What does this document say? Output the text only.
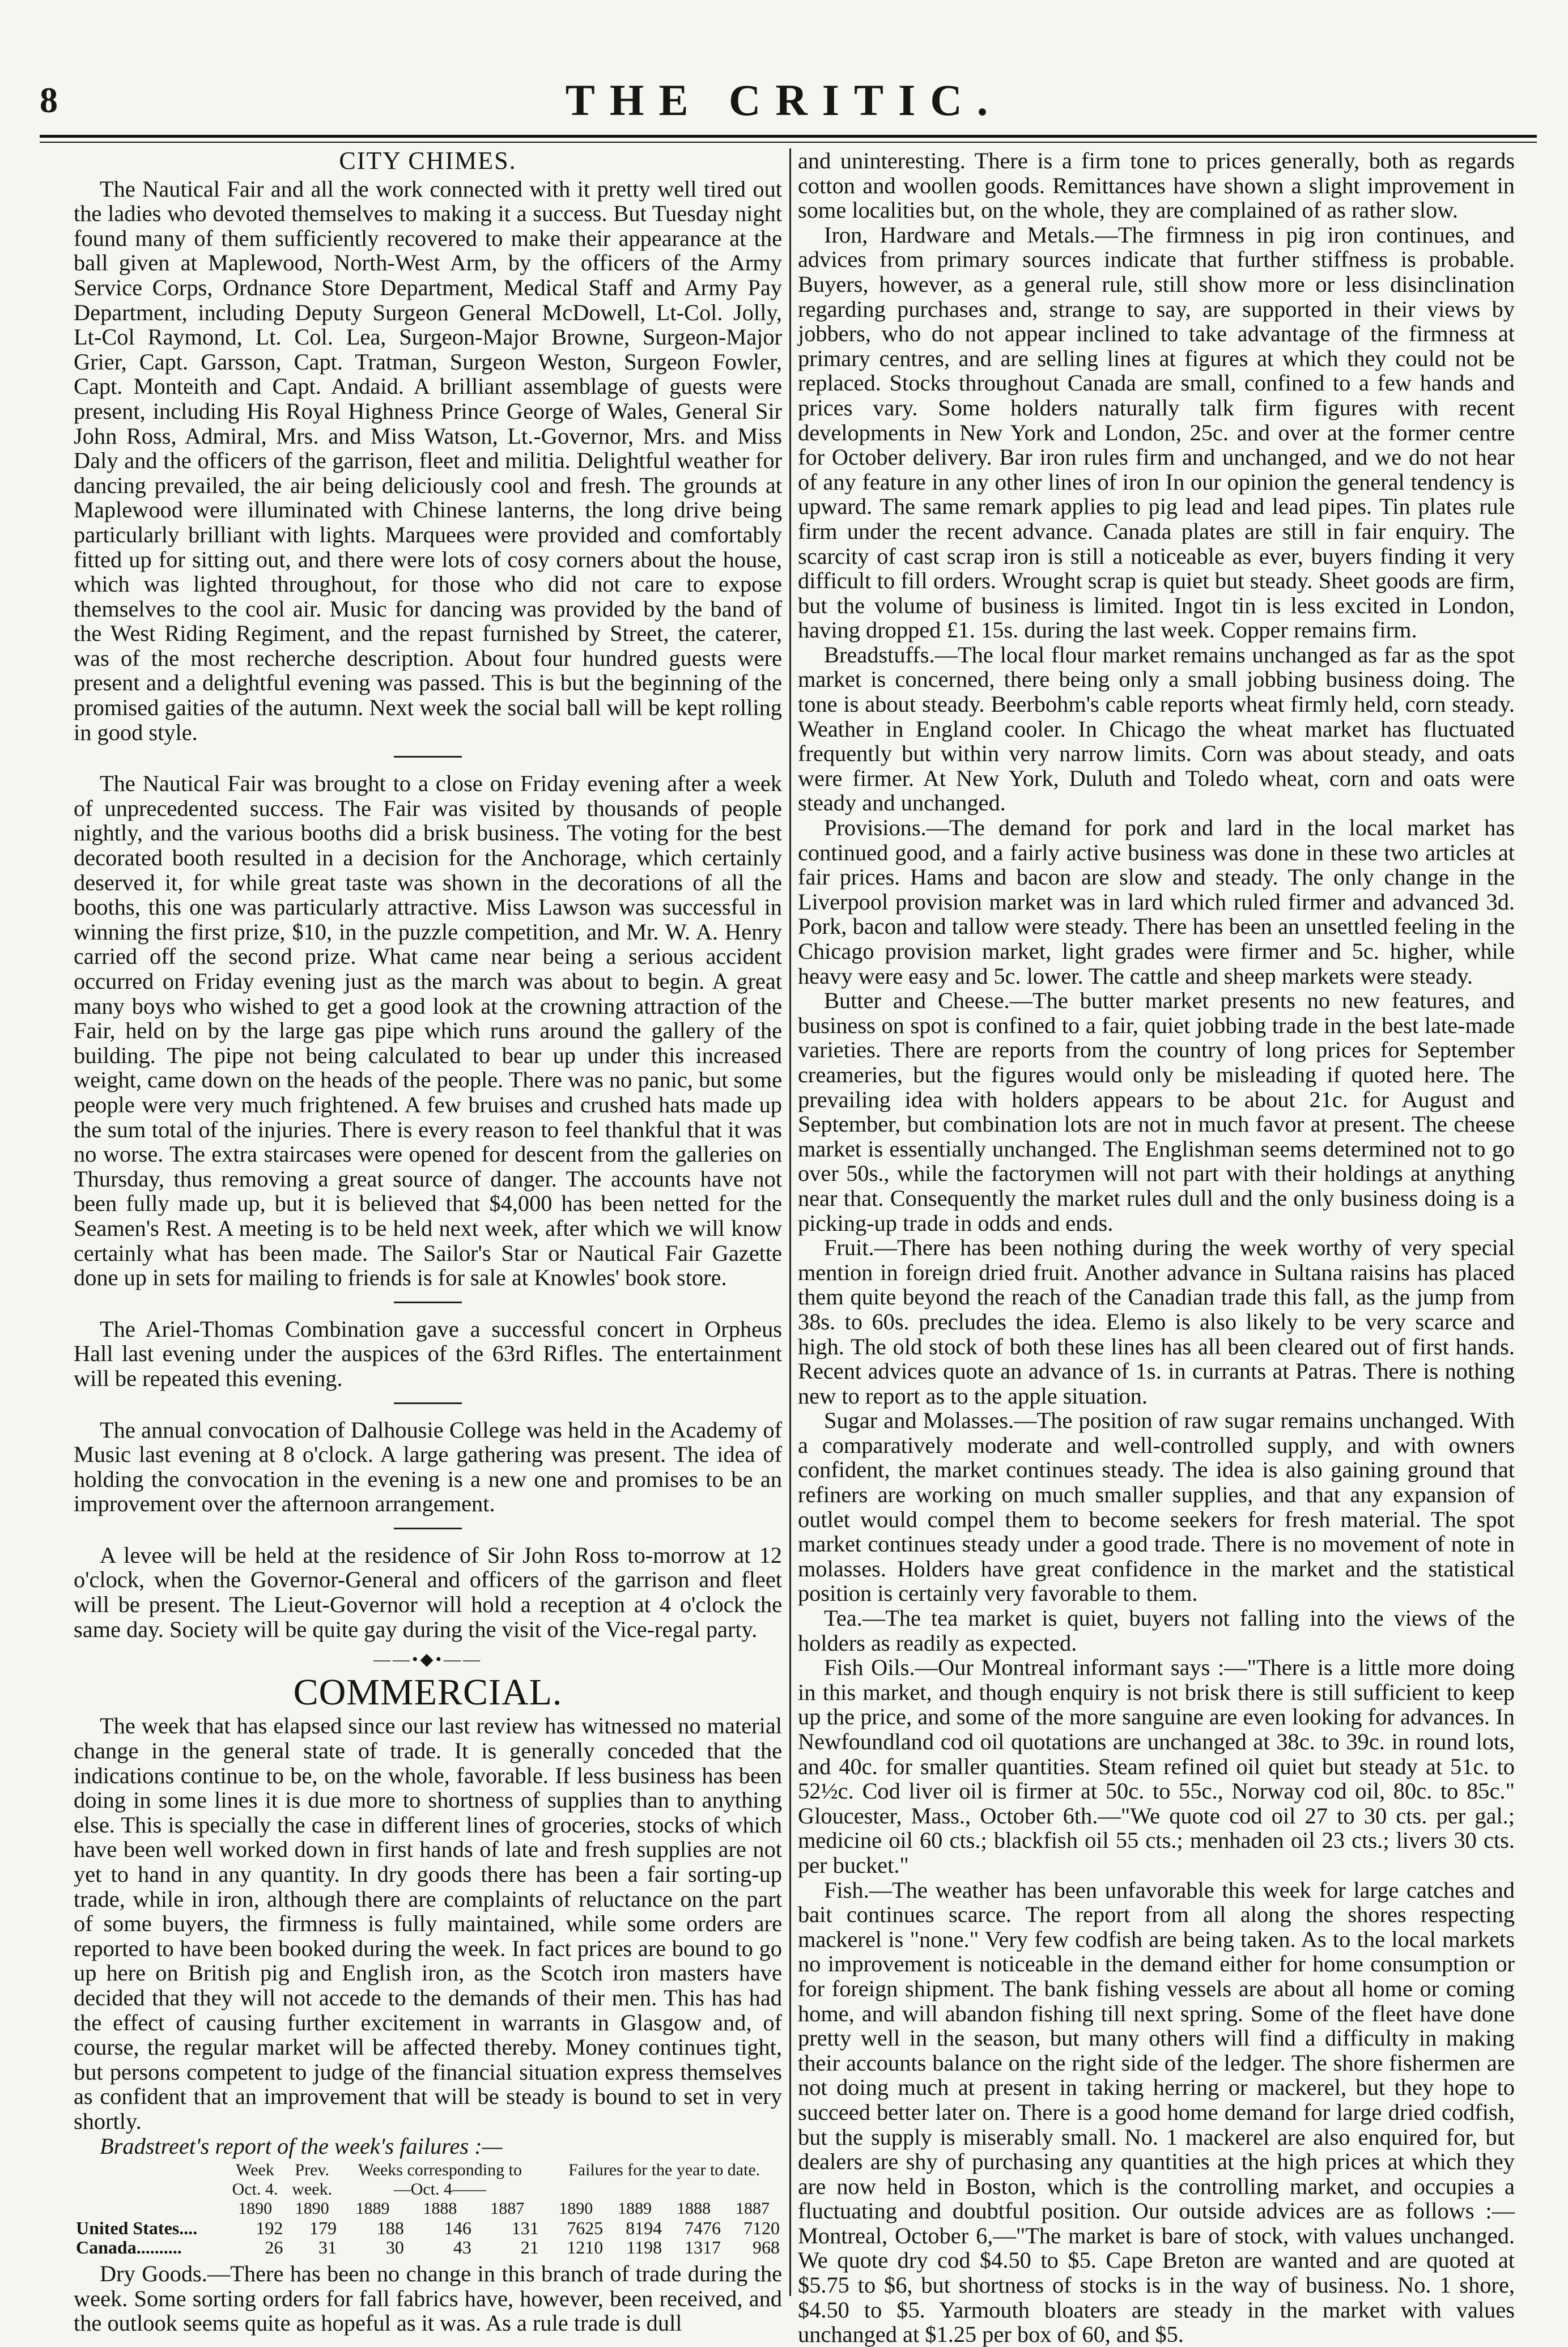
8	THE CRITIC.

CITY CHIMES.

The Nautical Fair and all the work connected with it pretty well tired out the ladies who devoted themselves to making it a success. But Tuesday night found many of them sufficiently recovered to make their appearance at the ball given at Maplewood, North-West Arm, by the officers of the Army Service Corps, Ordnance Store Department, Medical Staff and Army Pay Department, including Deputy Surgeon General McDowell, Lt-Col. Jolly, Lt-Col Raymond, Lt. Col. Lea, Surgeon-Major Browne, Surgeon-Major Grier, Capt. Garsson, Capt. Tratman, Surgeon Weston, Surgeon Fowler, Capt. Monteith and Capt. Andaid. A brilliant assemblage of guests were present, including His Royal Highness Prince George of Wales, General Sir John Ross, Admiral, Mrs. and Miss Watson, Lt.-Governor, Mrs. and Miss Daly and the officers of the garrison, fleet and militia. Delightful weather for dancing prevailed, the air being deliciously cool and fresh. The grounds at Maplewood were illuminated with Chinese lanterns, the long drive being particularly brilliant with lights. Marquees were provided and comfortably fitted up for sitting out, and there were lots of cosy corners about the house, which was lighted throughout, for those who did not care to expose themselves to the cool air. Music for dancing was provided by the band of the West Riding Regiment, and the repast furnished by Street, the caterer, was of the most recherche description. About four hundred guests were present and a delightful evening was passed. This is but the beginning of the promised gaities of the autumn. Next week the social ball will be kept rolling in good style.

The Nautical Fair was brought to a close on Friday evening after a week of unprecedented success. The Fair was visited by thousands of people nightly, and the various booths did a brisk business. The voting for the best decorated booth resulted in a decision for the Anchorage, which certainly deserved it, for while great taste was shown in the decorations of all the booths, this one was particularly attractive. Miss Lawson was successful in winning the first prize, $10, in the puzzle competition, and Mr. W. A. Henry carried off the second prize. What came near being a serious accident occurred on Friday evening just as the march was about to begin. A great many boys who wished to get a good look at the crowning attraction of the Fair, held on by the large gas pipe which runs around the gallery of the building. The pipe not being calculated to bear up under this increased weight, came down on the heads of the people. There was no panic, but some people were very much frightened. A few bruises and crushed hats made up the sum total of the injuries. There is every reason to feel thankful that it was no worse. The extra staircases were opened for descent from the galleries on Thursday, thus removing a great source of danger. The accounts have not been fully made up, but it is believed that $4,000 has been netted for the Seamen's Rest. A meeting is to be held next week, after which we will know certainly what has been made. The Sailor's Star or Nautical Fair Gazette done up in sets for mailing to friends is for sale at Knowles' book store.

The Ariel-Thomas Combination gave a successful concert in Orpheus Hall last evening under the auspices of the 63rd Rifles. The entertainment will be repeated this evening.

The annual convocation of Dalhousie College was held in the Academy of Music last evening at 8 o'clock. A large gathering was present. The idea of holding the convocation in the evening is a new one and promises to be an improvement over the afternoon arrangement.

A levee will be held at the residence of Sir John Ross to-morrow at 12 o'clock, when the Governor-General and officers of the garrison and fleet will be present. The Lieut-Governor will hold a reception at 4 o'clock the same day. Society will be quite gay during the visit of the Vice-regal party.

——•◆•——

COMMERCIAL.

The week that has elapsed since our last review has witnessed no material change in the general state of trade. It is generally conceded that the indications continue to be, on the whole, favorable. If less business has been doing in some lines it is due more to shortness of supplies than to anything else. This is specially the case in different lines of groceries, stocks of which have been well worked down in first hands of late and fresh supplies are not yet to hand in any quantity. In dry goods there has been a fair sorting-up trade, while in iron, although there are complaints of reluctance on the part of some buyers, the firmness is fully maintained, while some orders are reported to have been booked during the week. In fact prices are bound to go up here on British pig and English iron, as the Scotch iron masters have decided that they will not accede to the demands of their men. This has had the effect of causing further excitement in warrants in Glasgow and, of course, the regular market will be affected thereby. Money continues tight, but persons competent to judge of the financial situation express themselves as confident that an improvement that will be steady is bound to set in very shortly.

Bradstreet's report of the week's failures :—

	Week	Prev.	Weeks corresponding to				Failures for the year to date.			
	Oct. 4.	week.	—Oct. 4——							
	1890	1890	1889	1888	1887		1890	1889	1888	1887
United States....	192	179	188	146	131		7625	8194	7476	7120
Canada..........	26	31	30	43	21		1210	1198	1317	968

Dry Goods.—There has been no change in this branch of trade during the week. Some sorting orders for fall fabrics have, however, been received, and the outlook seems quite as hopeful as it was. As a rule trade is dull

and uninteresting. There is a firm tone to prices generally, both as regards cotton and woollen goods. Remittances have shown a slight improvement in some localities but, on the whole, they are complained of as rather slow.

Iron, Hardware and Metals.—The firmness in pig iron continues, and advices from primary sources indicate that further stiffness is probable. Buyers, however, as a general rule, still show more or less disinclination regarding purchases and, strange to say, are supported in their views by jobbers, who do not appear inclined to take advantage of the firmness at primary centres, and are selling lines at figures at which they could not be replaced. Stocks throughout Canada are small, confined to a few hands and prices vary. Some holders naturally talk firm figures with recent developments in New York and London, 25c. and over at the former centre for October delivery. Bar iron rules firm and unchanged, and we do not hear of any feature in any other lines of iron In our opinion the general tendency is upward. The same remark applies to pig lead and lead pipes. Tin plates rule firm under the recent advance. Canada plates are still in fair enquiry. The scarcity of cast scrap iron is still a noticeable as ever, buyers finding it very difficult to fill orders. Wrought scrap is quiet but steady. Sheet goods are firm, but the volume of business is limited. Ingot tin is less excited in London, having dropped £1. 15s. during the last week. Copper remains firm.

Breadstuffs.—The local flour market remains unchanged as far as the spot market is concerned, there being only a small jobbing business doing. The tone is about steady. Beerbohm's cable reports wheat firmly held, corn steady. Weather in England cooler. In Chicago the wheat market has fluctuated frequently but within very narrow limits. Corn was about steady, and oats were firmer. At New York, Duluth and Toledo wheat, corn and oats were steady and unchanged.

Provisions.—The demand for pork and lard in the local market has continued good, and a fairly active business was done in these two articles at fair prices. Hams and bacon are slow and steady. The only change in the Liverpool provision market was in lard which ruled firmer and advanced 3d. Pork, bacon and tallow were steady. There has been an unsettled feeling in the Chicago provision market, light grades were firmer and 5c. higher, while heavy were easy and 5c. lower. The cattle and sheep markets were steady.

Butter and Cheese.—The butter market presents no new features, and business on spot is confined to a fair, quiet jobbing trade in the best late-made varieties. There are reports from the country of long prices for September creameries, but the figures would only be misleading if quoted here. The prevailing idea with holders appears to be about 21c. for August and September, but combination lots are not in much favor at present. The cheese market is essentially unchanged. The Englishman seems determined not to go over 50s., while the factorymen will not part with their holdings at anything near that. Consequently the market rules dull and the only business doing is a picking-up trade in odds and ends.

Fruit.—There has been nothing during the week worthy of very special mention in foreign dried fruit. Another advance in Sultana raisins has placed them quite beyond the reach of the Canadian trade this fall, as the jump from 38s. to 60s. precludes the idea. Elemo is also likely to be very scarce and high. The old stock of both these lines has all been cleared out of first hands. Recent advices quote an advance of 1s. in currants at Patras. There is nothing new to report as to the apple situation.

Sugar and Molasses.—The position of raw sugar remains unchanged. With a comparatively moderate and well-controlled supply, and with owners confident, the market continues steady. The idea is also gaining ground that refiners are working on much smaller supplies, and that any expansion of outlet would compel them to become seekers for fresh material. The spot market continues steady under a good trade. There is no movement of note in molasses. Holders have great confidence in the market and the statistical position is certainly very favorable to them.

Tea.—The tea market is quiet, buyers not falling into the views of the holders as readily as expected.

Fish Oils.—Our Montreal informant says :—"There is a little more doing in this market, and though enquiry is not brisk there is still sufficient to keep up the price, and some of the more sanguine are even looking for advances. In Newfoundland cod oil quotations are unchanged at 38c. to 39c. in round lots, and 40c. for smaller quantities. Steam refined oil quiet but steady at 51c. to 52½c. Cod liver oil is firmer at 50c. to 55c., Norway cod oil, 80c. to 85c." Gloucester, Mass., October 6th.—"We quote cod oil 27 to 30 cts. per gal.; medicine oil 60 cts.; blackfish oil 55 cts.; menhaden oil 23 cts.; livers 30 cts. per bucket."

Fish.—The weather has been unfavorable this week for large catches and bait continues scarce. The report from all along the shores respecting mackerel is "none." Very few codfish are being taken. As to the local markets no improvement is noticeable in the demand either for home consumption or for foreign shipment. The bank fishing vessels are about all home or coming home, and will abandon fishing till next spring. Some of the fleet have done pretty well in the season, but many others will find a difficulty in making their accounts balance on the right side of the ledger. The shore fishermen are not doing much at present in taking herring or mackerel, but they hope to succeed better later on. There is a good home demand for large dried codfish, but the supply is miserably small. No. 1 mackerel are also enquired for, but dealers are shy of purchasing any quantities at the high prices at which they are now held in Boston, which is the controlling market, and occupies a fluctuating and doubtful position. Our outside advices are as follows :—Montreal, October 6,—"The market is bare of stock, with values unchanged. We quote dry cod $4.50 to $5. Cape Breton are wanted and are quoted at $5.75 to $6, but shortness of stocks is in the way of business. No. 1 shore, $4.50 to $5. Yarmouth bloaters are steady in the market with values unchanged at $1.25 per box of 60, and $5.
